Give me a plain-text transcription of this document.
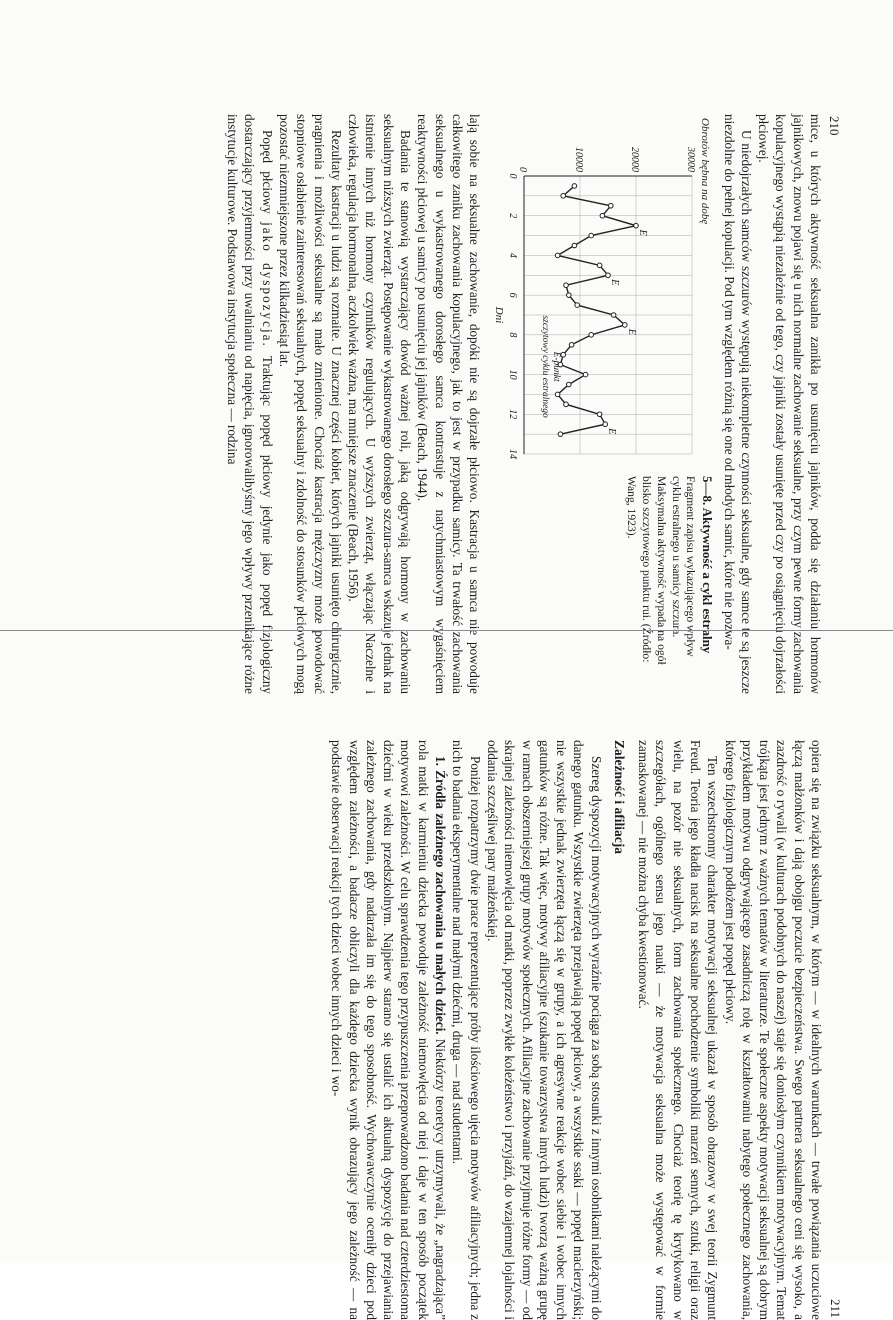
210

mice, u których aktywność seksualna zanikła po usunięciu jajników, podda się działaniu hormonów jajnikowych, znowu pojawi się u nich normalne zachowanie seksualne, przy czym pewne formy zachowania kopulacyjnego wystąpią niezależnie od tego, czy jajniki zostały usunięte przed czy po osiągnięciu dojrzałości płciowej.

U niedojrzałych samców szczurów występują niekompletne czynności seksualne, gdy samce te są jeszcze niezdolne do pełnej kopulacji. Pod tym względem różnią się one od młodych samic, które nie pozwa-

0	10000	20000	30000
0
2
4
6
8
10
12
14
Obrotów bębna na dobę
Dni
E
E
E
E
E-punkt
szczytowy cyklu estralnego
5—8. Aktywność a cykl estralny
Fragment zapisu wykazującego wpływ cyklu estralnego u samicy szczura. Maksymalna aktywność wypada na ogół blisko szczytowego punktu rui. (Źródło: Wang, 1923).

lają sobie na seksualne zachowanie, dopóki nie są dojrzałe płciowo. Kastracja u samca nie powoduje całkowitego zaniku zachowania kopulacyjnego, jak to jest w przypadku samicy. Ta trwałość zachowania seksualnego u wykastrowanego dorosłego samca kontrastuje z natychmiastowym wygaśnięciem reaktywności płciowej u samicy po usunięciu jej jajników (Beach, 1944).

Badania te stanowią wystarczający dowód ważnej roli, jaką odgrywają hormony w zachowaniu seksualnym niższych zwierząt. Postępowanie wykastrowanego dorosłego szczura-samca wskazuje jednak na istnienie innych niż hormony czynników regulujących. U wyższych zwierząt, włączając Naczelne i człowieka, regulacja hormonalna, aczkolwiek ważna, ma mniejsze znaczenie (Beach, 1956).

Rezultaty kastracji u ludzi są rozmaite. U znacznej części kobiet, których jajniki usunięto chirurgicznie, pragnienia i możliwości seksualne są mało zmienione. Chociaż kastracja mężczyzny może powodować stopniowe osłabienie zainteresowań seksualnych, popęd seksualny i zdolność do stosunków płciowych mogą pozostać niezmniejszone przez kilkadziesiąt lat.

Popęd płciowy jako dyspozycja. Traktując popęd płciowy jedynie jako popęd fizjologiczny dostarczający przyjemności przy uwalnianiu od napięcia, ignorowalibyśmy jego wpływy przenikające różne instytucje kulturowe. Podstawowa instytucja społeczna — rodzina

211

opiera się na związku seksualnym, w którym — w idealnych warunkach — trwałe powiązania uczuciowe łączą małżonków i dają obojgu poczucie bezpieczeństwa. Swego partnera seksualnego ceni się wysoko, a zazdrość o rywali (w kulturach podobnych do naszej) staje się doniosłym czynnikiem motywacyjnym. Temat trójkąta jest jednym z ważnych tematów w literaturze. Te społeczne aspekty motywacji seksualnej są dobrym przykładem motywu odgrywającego zasadniczą rolę w kształtowaniu nabytego społecznego zachowania, którego fizjologicznym podłożem jest popęd płciowy.

Ten wszechstronny charakter motywacji seksualnej ukazał w sposób obrazowy w swej teorii Zygmunt Freud. Teoria jego kładła nacisk na seksualne pochodzenie symboliki marzeń sennych, sztuki, religii oraz wielu, na pozór nie seksualnych, form zachowania społecznego. Chociaż teorię tę krytykowano w szczegółach, ogólnego sensu jego nauki — że motywacja seksualna może występować w formie zamaskowanej — nie można chyba kwestionować.

Zależność i afiliacja

Szereg dyspozycji motywacyjnych wyraźnie pociąga za sobą stosunki z innymi osobnikami należącymi do danego gatunku. Wszystkie zwierzęta przejawiają popęd płciowy, a wszystkie ssaki — popęd macierzyński; nie wszystkie jednak zwierzęta łączą się w grupy, a ich agresywne reakcje wobec siebie i wobec innych gatunków są różne. Tak więc, motywy afiliacyjne (szukanie towarzystwa innych ludzi) tworzą ważną grupę w ramach obszerniejszej grupy motywów społecznych. Afiliacyjne zachowanie przyjmuje różne formy — od skrajnej zależności niemowlęcia od matki, poprzez zwykłe koleżeństwo i przyjaźń, do wzajemnej lojalności i oddania szczęśliwej pary małżeńskiej.

Poniżej rozpatrzymy dwie prace reprezentujące próby ilościowego ujęcia motywów afiliacyjnych; jedna z nich to badania eksperymentalne nad małymi dziećmi, druga — nad studentami.

1. Źródła zależnego zachowania u małych dzieci. Niektórzy teoretycy utrzymywali, że „nagradzająca” rola matki w karmieniu dziecka powoduje zależność niemowlęcia od niej i daje w ten sposób początek motywowi zależności. W celu sprawdzenia tego przypuszczenia przeprowadzono badania nad czterdziestoma dziećmi w wieku przedszkolnym. Najpierw starano się ustalić ich aktualną dyspozycję do przejawiania zależnego zachowania, gdy nadarzała im się do tego sposobność. Wychowawczynie oceniły dzieci pod względem zależności, a badacze obliczyli dla każdego dziecka wynik obrazujący jego zależność — na podstawie obserwacji reakcji tych dzieci wobec innych dzieci i wo-
